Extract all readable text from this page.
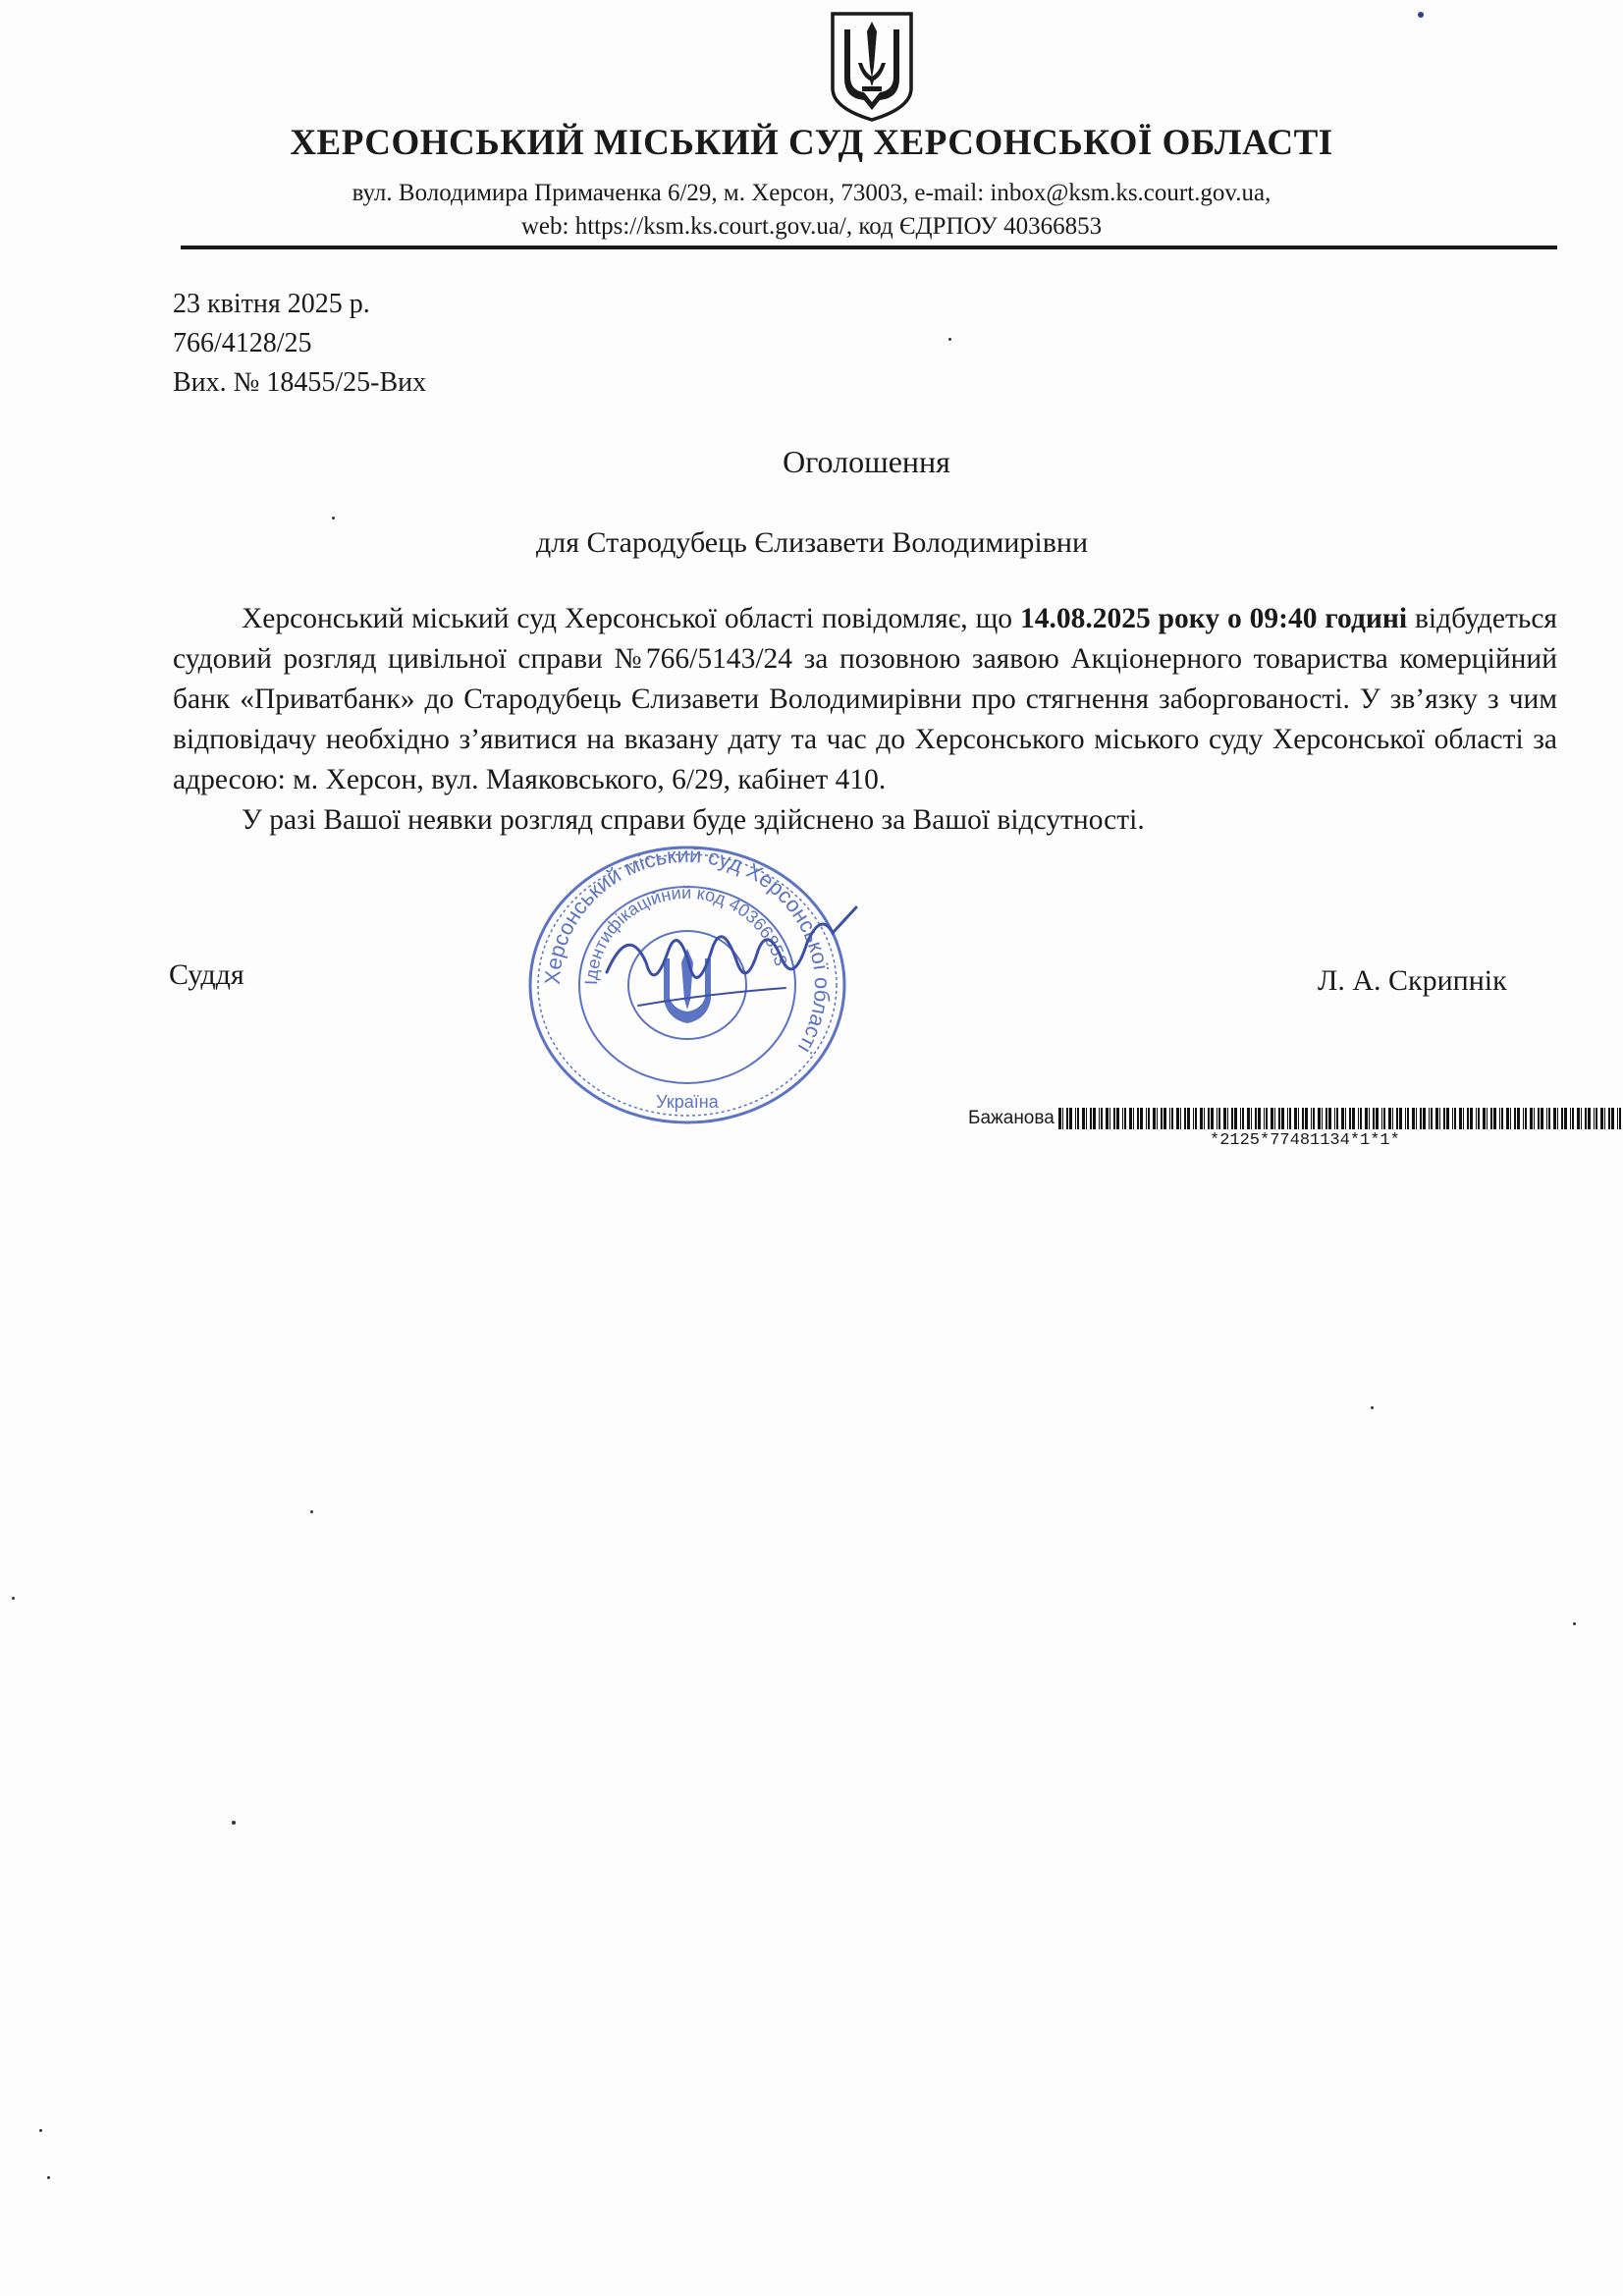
ХЕРСОНСЬКИЙ МІСЬКИЙ СУД ХЕРСОНСЬКОЇ ОБЛАСТІ
вул. Володимира Примаченка 6/29, м. Херсон, 73003, e-mail: inbox@ksm.ks.court.gov.ua,
web: https://ksm.ks.court.gov.ua/, код ЄДРПОУ 40366853
23 квітня 2025 р.
766/4128/25
Вих. № 18455/25-Вих
Оголошення
для Стародубець Єлизавети Володимирівни

Херсонський міський суд Херсонської області повідомляє, що 14.08.2025 року о 09:40 годині відбудеться судовий розгляд цивільної справи №766/5143/24 за позовною заявою Акціонерного товариства комерційний банк «Приватбанк» до Стародубець Єлизавети Володимирівни про стягнення заборгованості. У зв’язку з чим відповідачу необхідно з’явитися на вказану дату та час до Херсонського міського суду Херсонської області за адресою: м. Херсон, вул. Маяковського, 6/29, кабінет 410.

У разі Вашої неявки розгляд справи буде здійснено за Вашої відсутності.

Суддя	Л. А. Скрипнік
Херсонський міський суд Херсонської області
Ідентифікаційний код 40366853
Україна
Бажанова
*2125*77481134*1*1*
